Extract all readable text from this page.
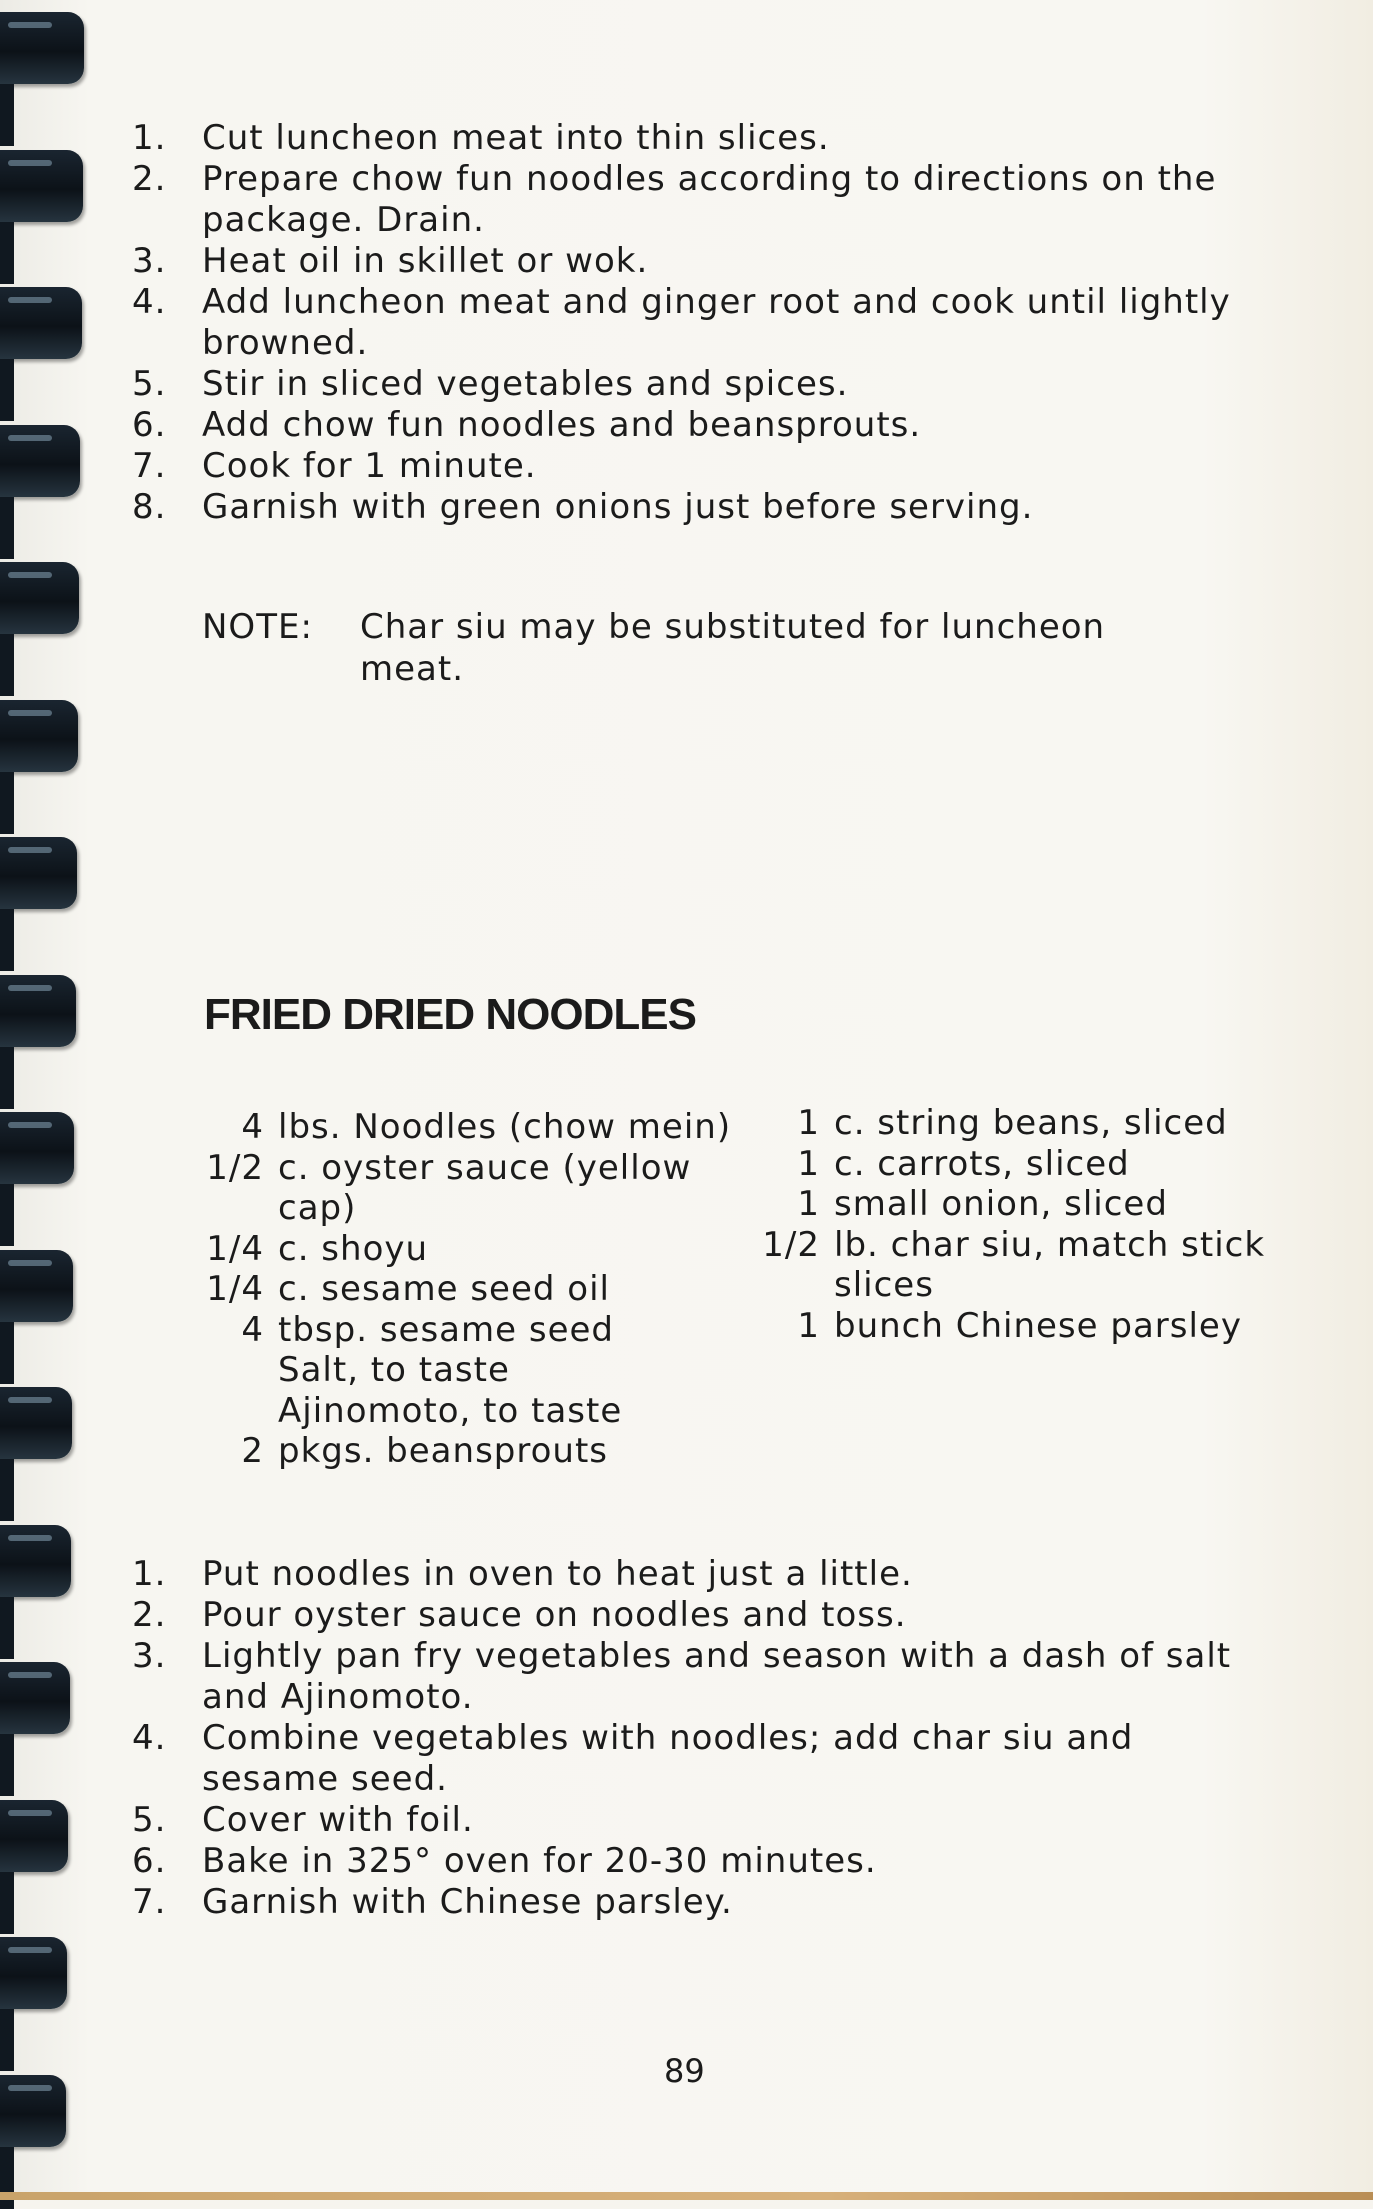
1. Cut luncheon meat into thin slices.
2. Prepare chow fun noodles according to directions on the package. Drain.
3. Heat oil in skillet or wok.
4. Add luncheon meat and ginger root and cook until lightly browned.
5. Stir in sliced vegetables and spices.
6. Add chow fun noodles and beansprouts.
7. Cook for 1 minute.
8. Garnish with green onions just before serving.
NOTE: Char siu may be substituted for luncheon meat.
FRIED DRIED NOODLES
4 lbs. Noodles (chow mein)
1/2 c. oyster sauce (yellow cap)
1/4 c. shoyu
1/4 c. sesame seed oil
4 tbsp. sesame seed
Salt, to taste
Ajinomoto, to taste
2 pkgs. beansprouts
1 c. string beans, sliced
1 c. carrots, sliced
1 small onion, sliced
1/2 lb. char siu, match stick slices
1 bunch Chinese parsley
1. Put noodles in oven to heat just a little.
2. Pour oyster sauce on noodles and toss.
3. Lightly pan fry vegetables and season with a dash of salt and Ajinomoto.
4. Combine vegetables with noodles; add char siu and sesame seed.
5. Cover with foil.
6. Bake in 325° oven for 20-30 minutes.
7. Garnish with Chinese parsley.
89
